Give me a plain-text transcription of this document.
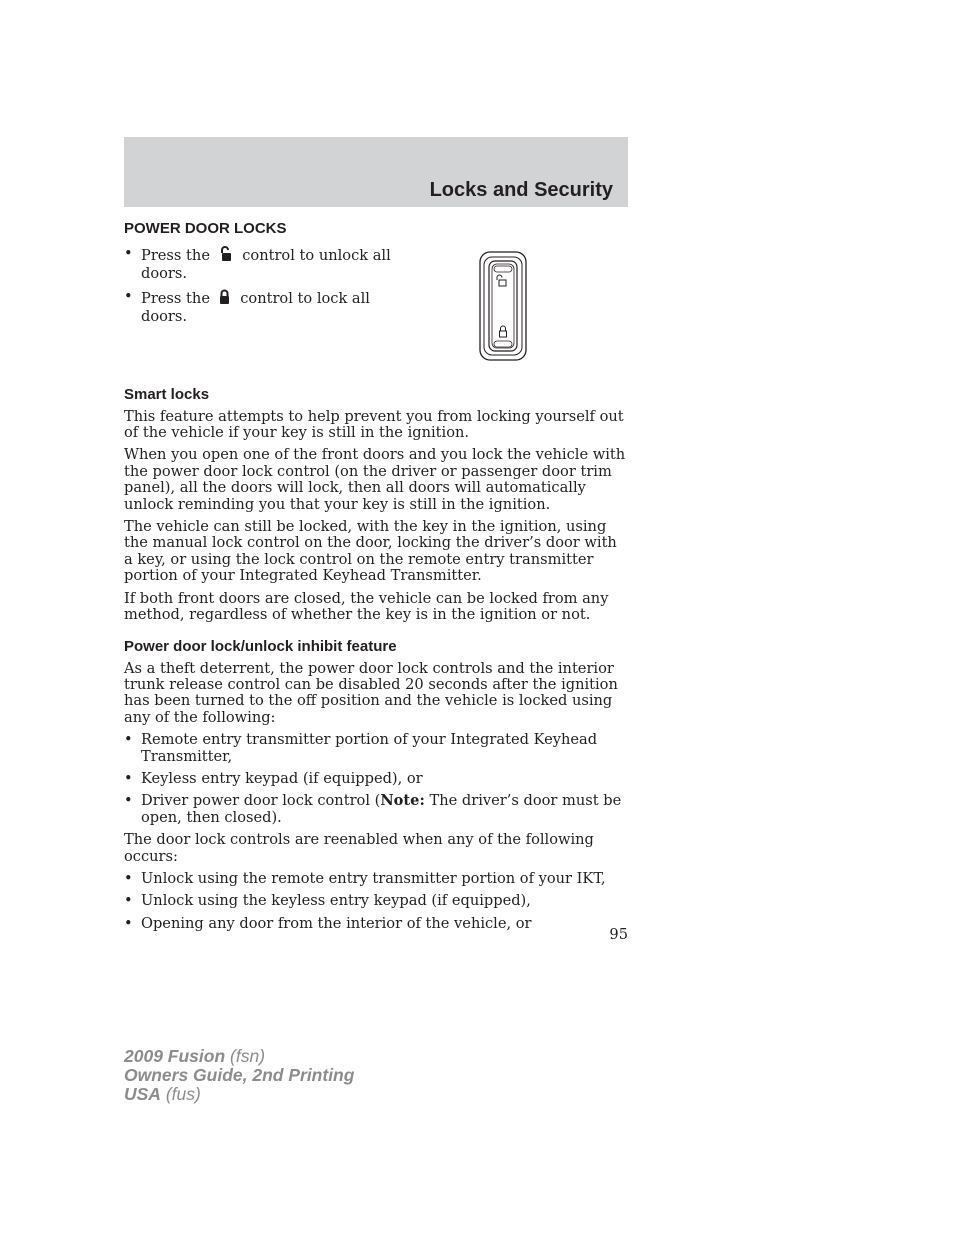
Locks and Security
POWER DOOR LOCKS
• Press the control to unlock all doors.
• Press the control to lock all doors.
Smart locks

This feature attempts to help prevent you from locking yourself out of the vehicle if your key is still in the ignition.

When you open one of the front doors and you lock the vehicle with the power door lock control (on the driver or passenger door trim panel), all the doors will lock, then all doors will automatically unlock reminding you that your key is still in the ignition.

The vehicle can still be locked, with the key in the ignition, using the manual lock control on the door, locking the driver’s door with a key, or using the lock control on the remote entry transmitter portion of your Integrated Keyhead Transmitter.

If both front doors are closed, the vehicle can be locked from any method, regardless of whether the key is in the ignition or not.

Power door lock/unlock inhibit feature

As a theft deterrent, the power door lock controls and the interior trunk release control can be disabled 20 seconds after the ignition has been turned to the off position and the vehicle is locked using any of the following:

• Remote entry transmitter portion of your Integrated Keyhead Transmitter,
• Keyless entry keypad (if equipped), or
• Driver power door lock control (Note: The driver’s door must be open, then closed).

The door lock controls are reenabled when any of the following occurs:

• Unlock using the remote entry transmitter portion of your IKT,
• Unlock using the keyless entry keypad (if equipped),
• Opening any door from the interior of the vehicle, or
95
2009 Fusion (fsn)
Owners Guide, 2nd Printing
USA (fus)
